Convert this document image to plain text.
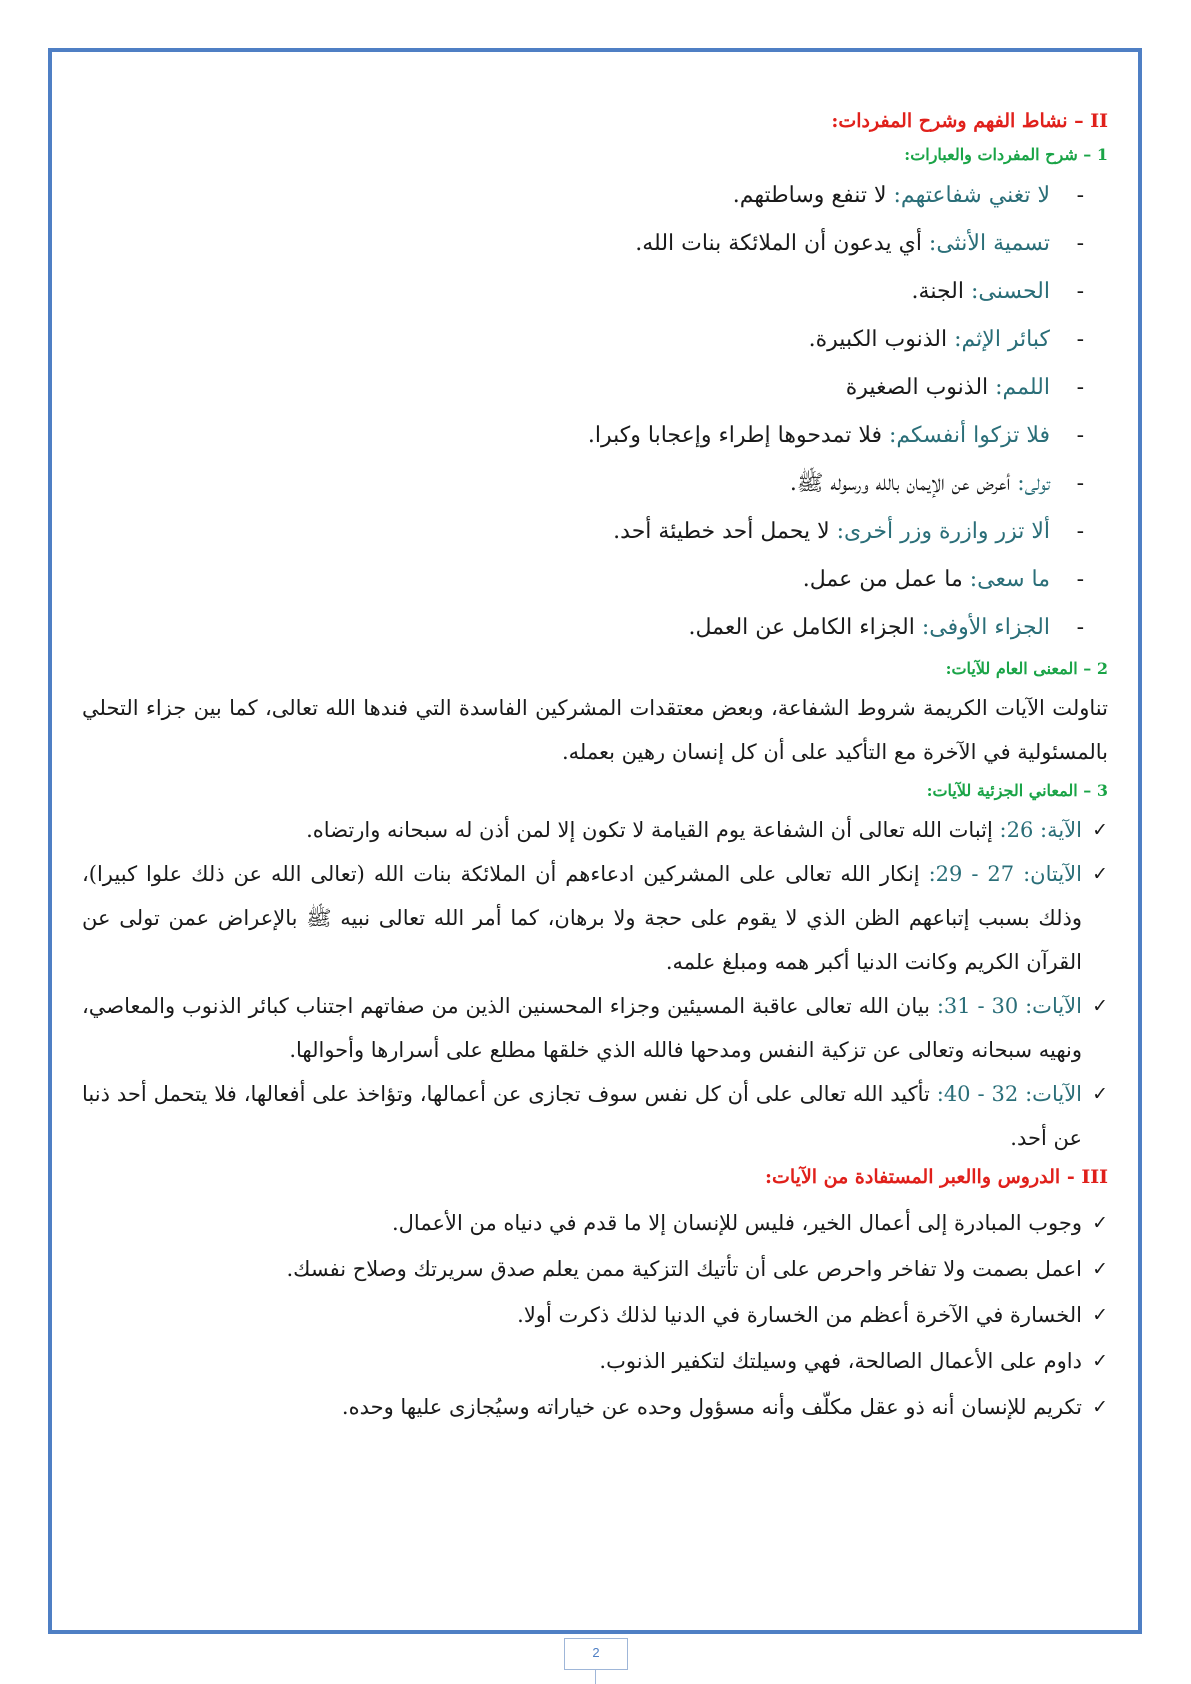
II – نشاط الفهم وشرح المفردات:
1 – شرح المفردات والعبارات:
-لا تغني شفاعتهم: لا تنفع وساطتهم.
-تسمية الأنثى: أي يدعون أن الملائكة بنات الله.
-الحسنى: الجنة.
-كبائر الإثم: الذنوب الكبيرة.
-اللمم: الذنوب الصغيرة
-فلا تزكوا أنفسكم: فلا تمدحوها إطراء وإعجابا وكبرا.
-تولى: أعرض عن الإيمان بالله ورسوله ﷺ.
-ألا تزر وازرة وزر أخرى: لا يحمل أحد خطيئة أحد.
-ما سعى: ما عمل من عمل.
-الجزاء الأوفى: الجزاء الكامل عن العمل.
2 – المعنى العام للآيات:

تناولت الآيات الكريمة شروط الشفاعة، وبعض معتقدات المشركين الفاسدة التي فندها الله تعالى، كما بين جزاء التحلي بالمسئولية في الآخرة مع التأكيد على أن كل إنسان رهين بعمله.

3 – المعاني الجزئية للآيات:
✓
الآية: 26: إثبات الله تعالى أن الشفاعة يوم القيامة لا تكون إلا لمن أذن له سبحانه وارتضاه.
✓
الآيتان: 27 - 29: إنكار الله تعالى على المشركين ادعاءهم أن الملائكة بنات الله (تعالى الله عن ذلك علوا كبيرا)، وذلك بسبب إتباعهم الظن الذي لا يقوم على حجة ولا برهان، كما أمر الله تعالى نبيه ﷺ بالإعراض عمن تولى عن القرآن الكريم وكانت الدنيا أكبر همه ومبلغ علمه.
✓
الآيات: 30 - 31: بيان الله تعالى عاقبة المسيئين وجزاء المحسنين الذين من صفاتهم اجتناب كبائر الذنوب والمعاصي، ونهيه سبحانه وتعالى عن تزكية النفس ومدحها فالله الذي خلقها مطلع على أسرارها وأحوالها.
✓
الآيات: 32 - 40: تأكيد الله تعالى على أن كل نفس سوف تجازى عن أعمالها، وتؤاخذ على أفعالها، فلا يتحمل أحد ذنبا عن أحد.
III - الدروس واالعبر المستفادة من الآيات:
✓
وجوب المبادرة إلى أعمال الخير، فليس للإنسان إلا ما قدم في دنياه من الأعمال.
✓
اعمل بصمت ولا تفاخر واحرص على أن تأتيك التزكية ممن يعلم صدق سريرتك وصلاح نفسك.
✓
الخسارة في الآخرة أعظم من الخسارة في الدنيا لذلك ذكرت أولا.
✓
داوم على الأعمال الصالحة، فهي وسيلتك لتكفير الذنوب.
✓
تكريم للإنسان أنه ذو عقل مكلّف وأنه مسؤول وحده عن خياراته وسيُجازى عليها وحده.
2
